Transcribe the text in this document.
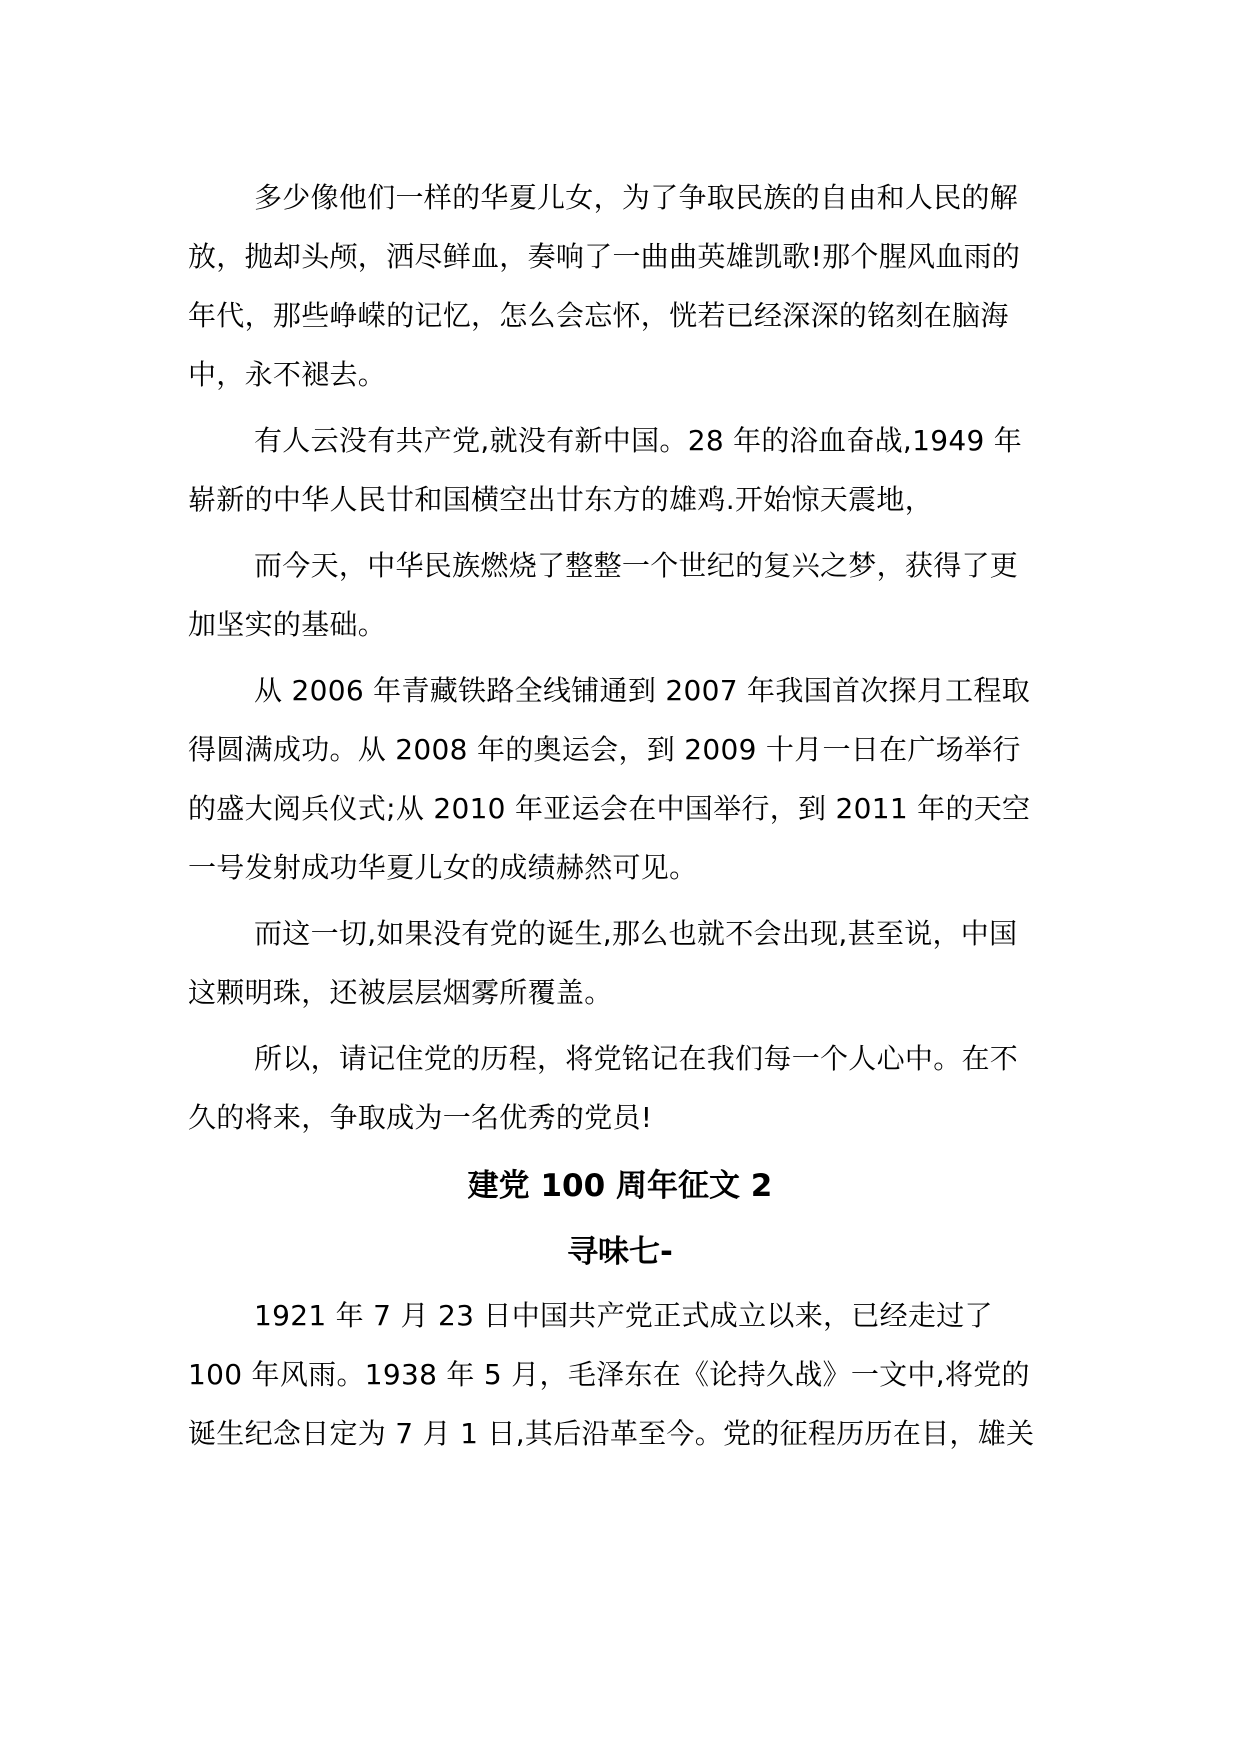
多少像他们一样的华夏儿女，为了争取民族的自由和人民的解
放，抛却头颅，洒尽鲜血，奏响了一曲曲英雄凯歌!那个腥风血雨的
年代，那些峥嵘的记忆，怎么会忘怀，恍若已经深深的铭刻在脑海
中，永不褪去。
有人云没有共产党,就没有新中国。28 年的浴血奋战,1949 年
崭新的中华人民廿和国横空出廿东方的雄鸡.开始惊天震地，
而今天，中华民族燃烧了整整一个世纪的复兴之梦，获得了更
加坚实的基础。
从 2006 年青藏铁路全线铺通到 2007 年我国首次探月工程取
得圆满成功。从 2008 年的奥运会，到 2009 十月一日在广场举行
的盛大阅兵仪式;从 2010 年亚运会在中国举行，到 2011 年的天空
一号发射成功华夏儿女的成绩赫然可见。
而这一切,如果没有党的诞生,那么也就不会出现,甚至说，中国
这颗明珠，还被层层烟雾所覆盖。
所以，请记住党的历程，将党铭记在我们每一个人心中。在不
久的将来，争取成为一名优秀的党员!
建党 100 周年征文 2
寻味七-
1921 年 7 月 23 日中国共产党正式成立以来，已经走过了
100 年风雨。1938 年 5 月，毛泽东在《论持久战》一文中,将党的
诞生纪念日定为 7 月 1 日,其后沿革至今。党的征程历历在目，雄关
